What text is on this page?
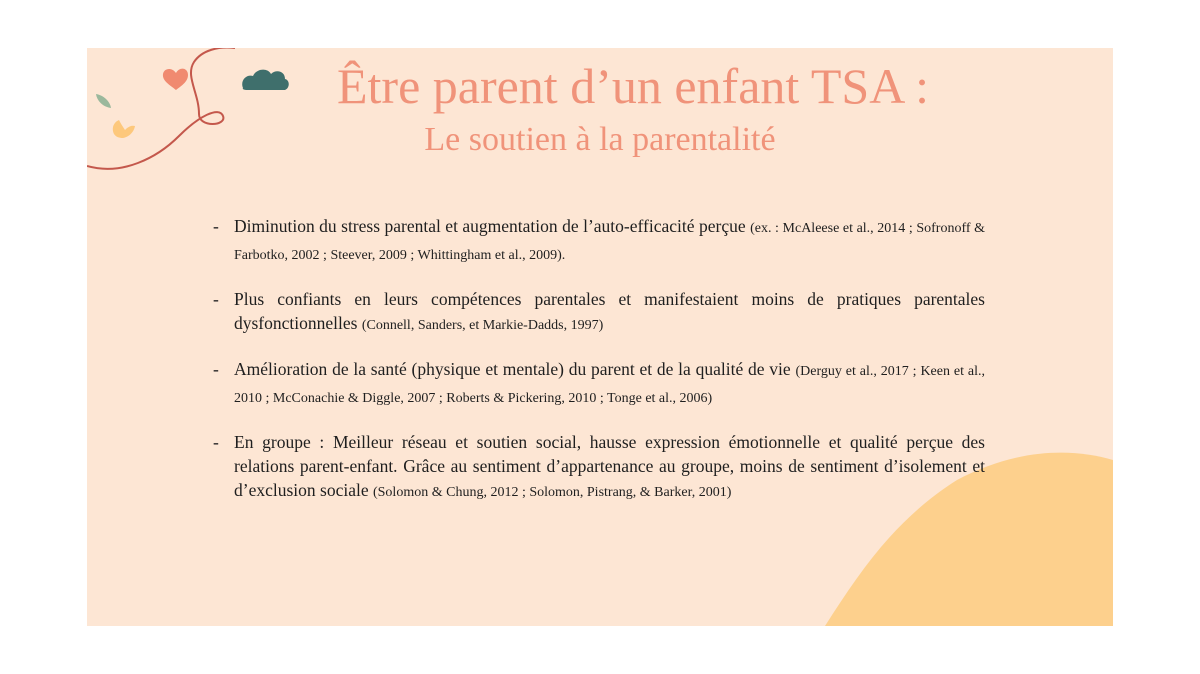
Être parent d’un enfant TSA :
Le soutien à la parentalité
- Diminution du stress parental et augmentation de l’auto-efficacité perçue (ex. : McAleese et al., 2014 ; Sofronoff & Farbotko, 2002 ; Steever, 2009 ; Whittingham et al., 2009).
- Plus confiants en leurs compétences parentales et manifestaient moins de pratiques parentales dysfonctionnelles (Connell, Sanders, et Markie-Dadds, 1997)
- Amélioration de la santé (physique et mentale) du parent et de la qualité de vie (Derguy et al., 2017 ; Keen et al., 2010 ; McConachie & Diggle, 2007 ; Roberts & Pickering, 2010 ; Tonge et al., 2006)
- En groupe : Meilleur réseau et soutien social, hausse expression émotionnelle et qualité perçue des relations parent-enfant. Grâce au sentiment d’appartenance au groupe, moins de sentiment d’isolement et d’exclusion sociale (Solomon & Chung, 2012 ; Solomon, Pistrang, & Barker, 2001)
